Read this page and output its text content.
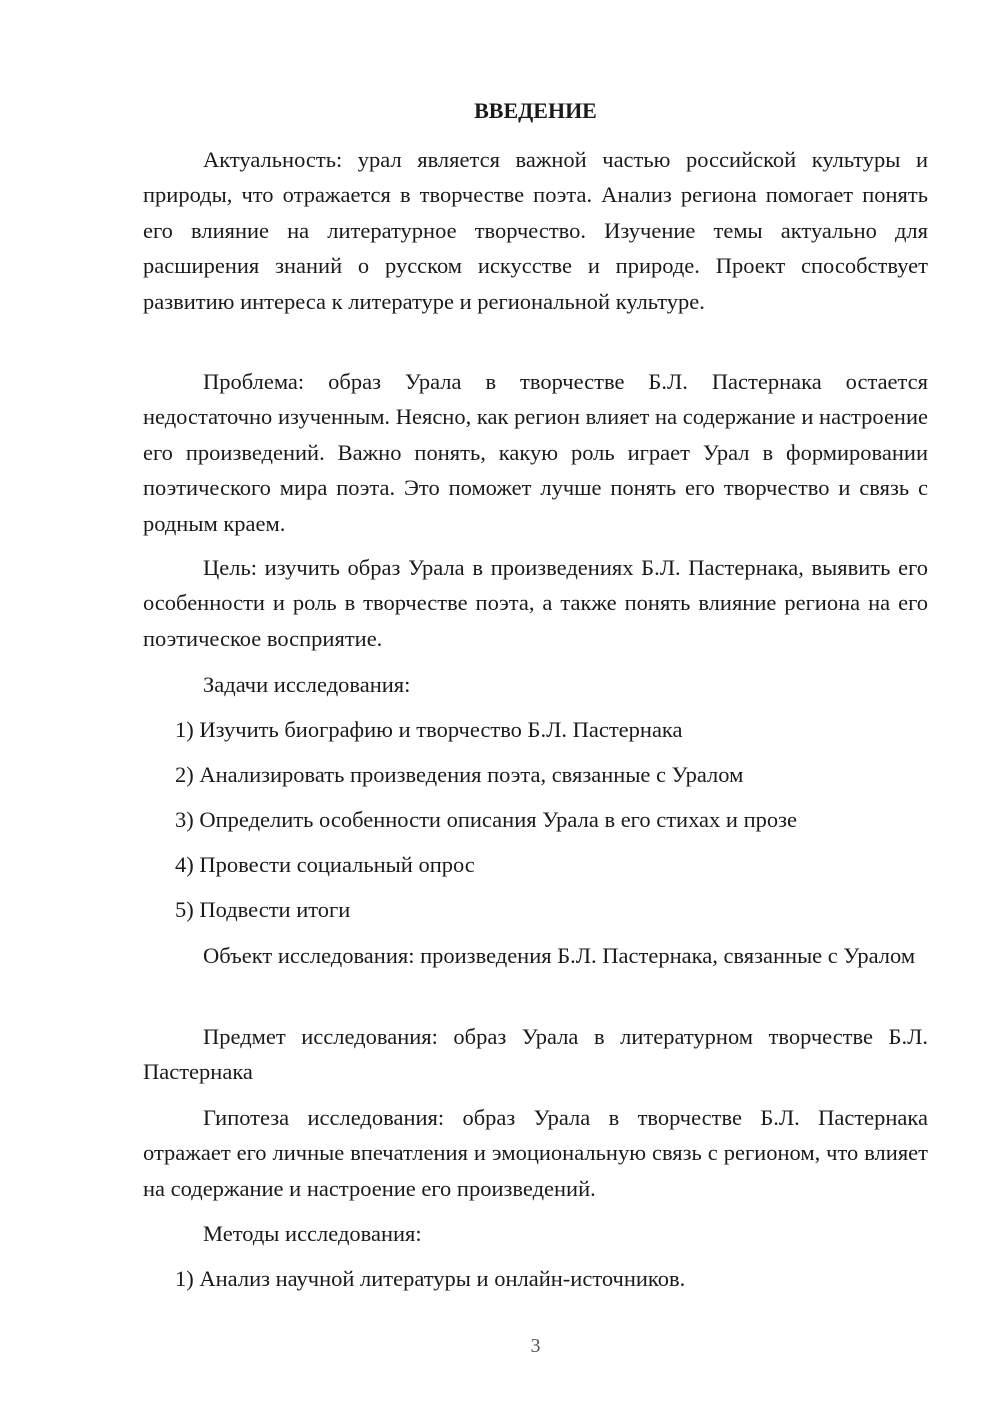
ВВЕДЕНИЕ

Актуальность: урал является важной частью российской культуры и природы, что отражается в творчестве поэта. Анализ региона помогает понять его влияние на литературное творчество. Изучение темы актуально для расширения знаний о русском искусстве и природе. Проект способствует развитию интереса к литературе и региональной культуре.

Проблема: образ Урала в творчестве Б.Л. Пастернака остается недостаточно изученным. Неясно, как регион влияет на содержание и настроение его произведений. Важно понять, какую роль играет Урал в формировании поэтического мира поэта. Это поможет лучше понять его творчество и связь с родным краем.

Цель: изучить образ Урала в произведениях Б.Л. Пастернака, выявить его особенности и роль в творчестве поэта, а также понять влияние региона на его поэтическое восприятие.

Задачи исследования:

1) Изучить биографию и творчество Б.Л. Пастернака

2) Анализировать произведения поэта, связанные с Уралом

3) Определить особенности описания Урала в его стихах и прозе

4) Провести социальный опрос

5) Подвести итоги

Объект исследования: произведения Б.Л. Пастернака, связанные с Уралом

Предмет исследования: образ Урала в литературном творчестве Б.Л. Пастернака

Гипотеза исследования: образ Урала в творчестве Б.Л. Пастернака отражает его личные впечатления и эмоциональную связь с регионом, что влияет на содержание и настроение его произведений.

Методы исследования:

1) Анализ научной литературы и онлайн-источников.

3
